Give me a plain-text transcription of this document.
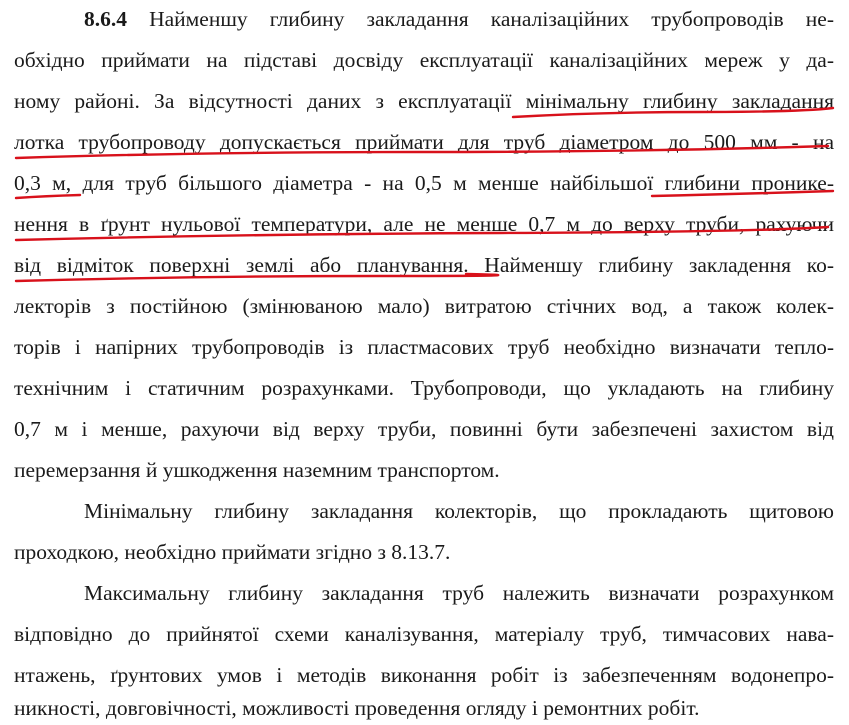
8.6.4 Найменшу глибину закладання каналізаційних трубопроводів не-
обхідно приймати на підставі досвіду експлуатації каналізаційних мереж у да-
ному районі. За відсутності даних з експлуатації мінімальну глибину закладання
лотка трубопроводу допускається приймати для труб діаметром до 500 мм - на
0,3 м, для труб більшого діаметра - на 0,5 м менше найбільшої глибини пронике-
нення в ґрунт нульової температури, але не менше 0,7 м до верху труби, рахуючи
від відміток поверхні землі або планування. Найменшу глибину закладення ко-
лекторів з постійною (змінюваною мало) витратою стічних вод, а також колек-
торів і напірних трубопроводів із пластмасових труб необхідно визначати тепло-
технічним і статичним розрахунками. Трубопроводи, що укладають на глибину
0,7 м і менше, рахуючи від верху труби, повинні бути забезпечені захистом від
перемерзання й ушкодження наземним транспортом.
Мінімальну глибину закладання колекторів, що прокладають щитовою
проходкою, необхідно приймати згідно з 8.13.7.
Максимальну глибину закладання труб належить визначати розрахунком
відповідно до прийнятої схеми каналізування, матеріалу труб, тимчасових нава-
нтажень, ґрунтових умов і методів виконання робіт із забезпеченням водонепро-
никності, довговічності, можливості проведення огляду і ремонтних робіт.
